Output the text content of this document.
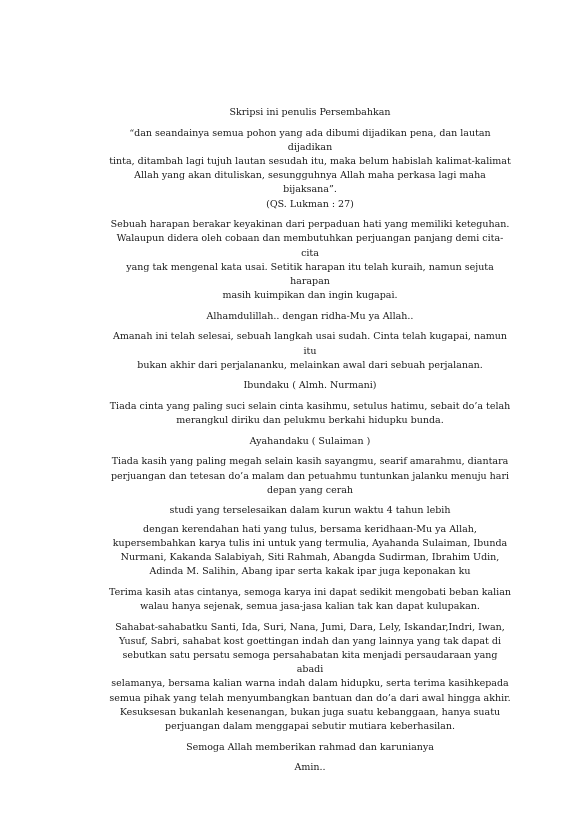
Skripsi ini penulis Persembahkan

“dan seandainya semua pohon yang ada dibumi dijadikan pena, dan lautan dijadikan
tinta, ditambah lagi tujuh lautan sesudah itu, maka belum habislah kalimat-kalimat
Allah yang akan dituliskan, sesungguhnya Allah maha perkasa lagi maha bijaksana”.
(QS. Lukman : 27)

Sebuah harapan berakar keyakinan dari perpaduan hati yang memiliki keteguhan.
Walaupun didera oleh cobaan dan membutuhkan perjuangan panjang demi cita-cita
yang tak mengenal kata usai. Setitik harapan itu telah kuraih, namun sejuta harapan
masih kuimpikan dan ingin kugapai.

Alhamdulillah.. dengan ridha-Mu ya Allah..

Amanah ini telah selesai, sebuah langkah usai sudah. Cinta telah kugapai, namun itu
bukan akhir dari perjalananku, melainkan awal dari sebuah perjalanan.

Ibundaku ( Almh. Nurmani)

Tiada cinta yang paling suci selain cinta kasihmu, setulus hatimu, sebait do’a telah
merangkul diriku dan pelukmu berkahi hidupku bunda.

Ayahandaku ( Sulaiman )

Tiada kasih yang paling megah selain kasih sayangmu, searif amarahmu, diantara
perjuangan dan tetesan do’a malam dan petuahmu tuntunkan jalanku menuju hari
depan yang cerah

studi yang terselesaikan dalam kurun waktu 4 tahun lebih

dengan kerendahan hati yang tulus, bersama keridhaan-Mu ya Allah,
kupersembahkan karya tulis ini untuk yang termulia, Ayahanda Sulaiman, Ibunda
Nurmani, Kakanda Salabiyah, Siti Rahmah, Abangda Sudirman, Ibrahim Udin,
Adinda M. Salihin, Abang ipar serta kakak ipar juga keponakan ku

Terima kasih atas cintanya, semoga karya ini dapat sedikit mengobati beban kalian
walau hanya sejenak, semua jasa-jasa kalian tak kan dapat kulupakan.

Sahabat-sahabatku Santi, Ida, Suri, Nana, Jumi, Dara, Lely, Iskandar,Indri, Iwan,
Yusuf, Sabri, sahabat kost goettingan indah dan yang lainnya yang tak dapat di
sebutkan satu persatu semoga persahabatan kita menjadi persaudaraan yang abadi
selamanya, bersama kalian warna indah dalam hidupku, serta terima kasihkepada
semua pihak yang telah menyumbangkan bantuan dan do’a dari awal hingga akhir.
Kesuksesan bukanlah kesenangan, bukan juga suatu kebanggaan, hanya suatu
perjuangan dalam menggapai sebutir mutiara keberhasilan.

Semoga Allah memberikan rahmad dan karunianya

Amin..
